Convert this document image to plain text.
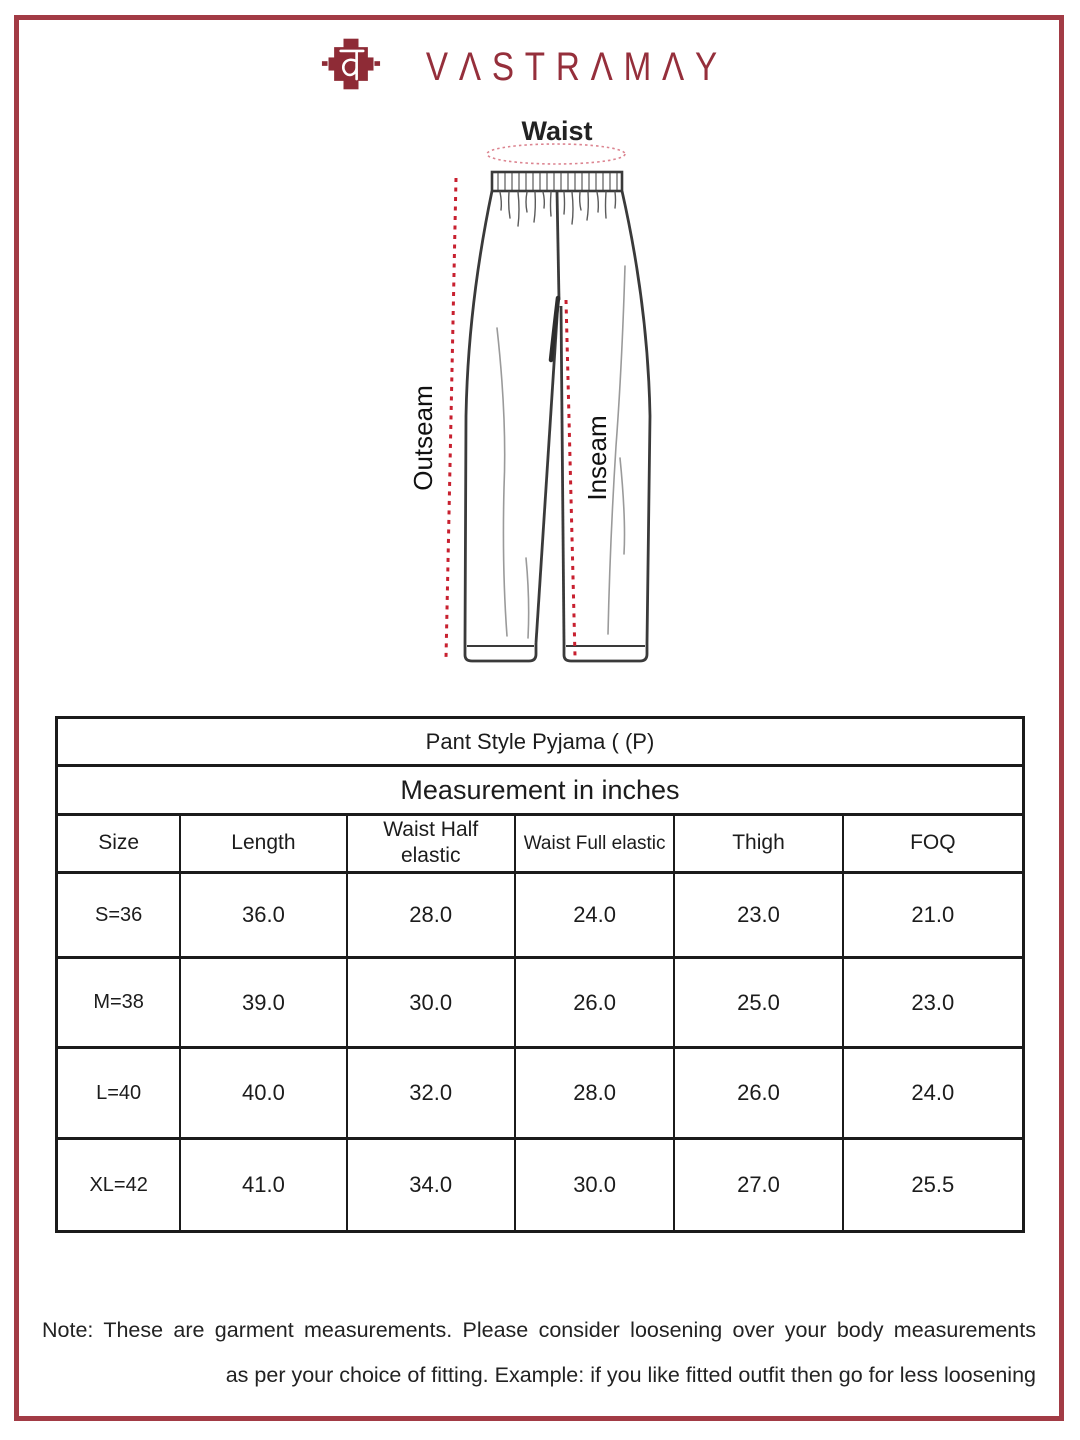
VΛSTRΛMΛY
Waist
Outseam	Inseam
Pant Style Pyjama ( (P)					
Measurement in inches					
Size	Length	Waist Half elastic	Waist Full elastic	Thigh	FOQ
S=36	36.0	28.0	24.0	23.0	21.0
M=38	39.0	30.0	26.0	25.0	23.0
L=40	40.0	32.0	28.0	26.0	24.0
XL=42	41.0	34.0	30.0	27.0	25.5
Note: These are garment measurements. Please consider loosening over your body measurements
as per your choice of fitting. Example: if you like fitted outfit then go for less loosening
